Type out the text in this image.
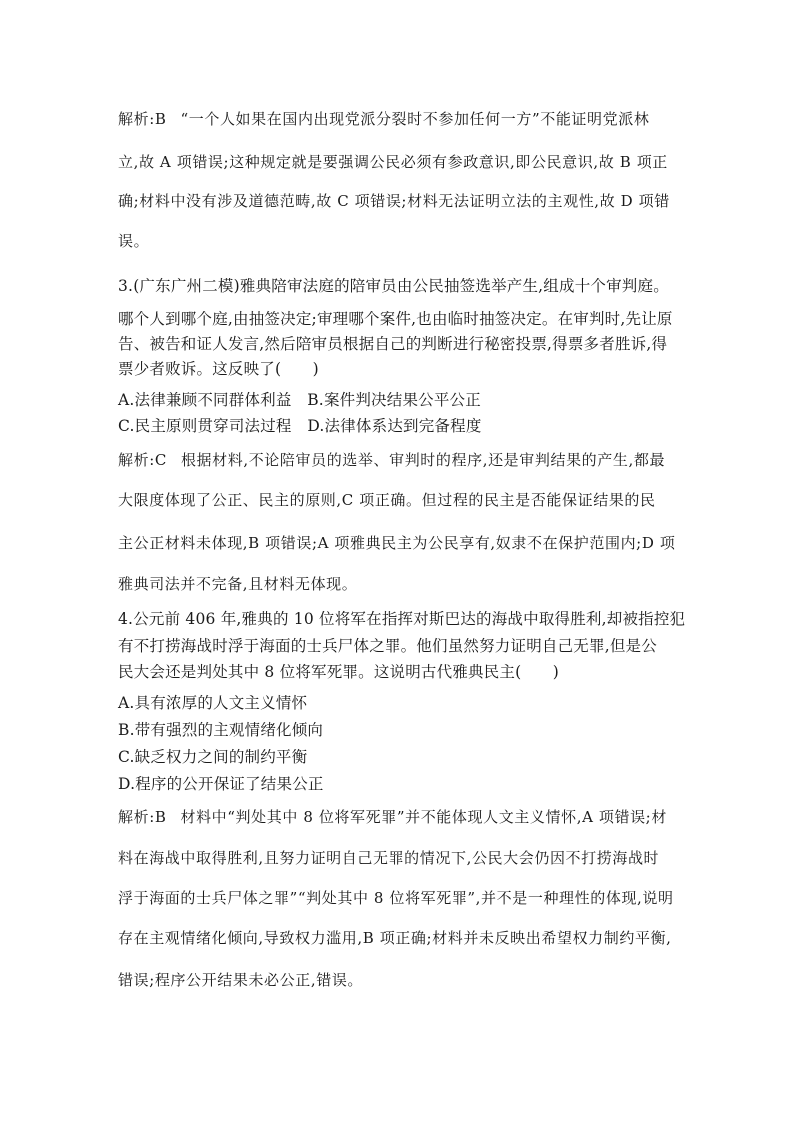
解析:B “一个人如果在国内出现党派分裂时不参加任何一方”不能证明党派林
立,故 A 项错误;这种规定就是要强调公民必须有参政意识,即公民意识,故 B 项正
确;材料中没有涉及道德范畴,故 C 项错误;材料无法证明立法的主观性,故 D 项错
误。
3.(广东广州二模)雅典陪审法庭的陪审员由公民抽签选举产生,组成十个审判庭。
哪个人到哪个庭,由抽签决定;审理哪个案件,也由临时抽签决定。在审判时,先让原
告、被告和证人发言,然后陪审员根据自己的判断进行秘密投票,得票多者胜诉,得
票少者败诉。这反映了(　　)
A.法律兼顾不同群体利益　B.案件判决结果公平公正
C.民主原则贯穿司法过程　D.法律体系达到完备程度
解析:C 根据材料,不论陪审员的选举、审判时的程序,还是审判结果的产生,都最
大限度体现了公正、民主的原则,C 项正确。但过程的民主是否能保证结果的民
主公正材料未体现,B 项错误;A 项雅典民主为公民享有,奴隶不在保护范围内;D 项
雅典司法并不完备,且材料无体现。
4.公元前 406 年,雅典的 10 位将军在指挥对斯巴达的海战中取得胜利,却被指控犯
有不打捞海战时浮于海面的士兵尸体之罪。他们虽然努力证明自己无罪,但是公
民大会还是判处其中 8 位将军死罪。这说明古代雅典民主(　　)
A.具有浓厚的人文主义情怀
B.带有强烈的主观情绪化倾向
C.缺乏权力之间的制约平衡
D.程序的公开保证了结果公正
解析:B 材料中“判处其中 8 位将军死罪”并不能体现人文主义情怀,A 项错误;材
料在海战中取得胜利,且努力证明自己无罪的情况下,公民大会仍因不打捞海战时
浮于海面的士兵尸体之罪”“判处其中 8 位将军死罪”,并不是一种理性的体现,说明
存在主观情绪化倾向,导致权力滥用,B 项正确;材料并未反映出希望权力制约平衡,
错误;程序公开结果未必公正,错误。
